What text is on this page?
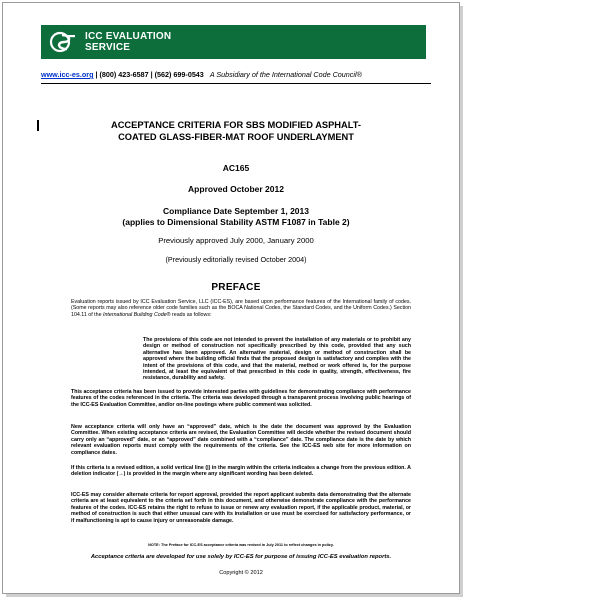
ICC EVALUATION
SERVICE
www.icc-es.org | (800) 423-6587 | (562) 699-0543 A Subsidiary of the International Code Council®
ACCEPTANCE CRITERIA FOR SBS MODIFIED ASPHALT-
COATED GLASS-FIBER-MAT ROOF UNDERLAYMENT
AC165
Approved October 2012
Compliance Date September 1, 2013
(applies to Dimensional Stability ASTM F1087 in Table 2)
Previously approved July 2000, January 2000
(Previously editorially revised October 2004)
PREFACE
Evaluation reports issued by ICC Evaluation Service, LLC (ICC-ES), are based upon performance features of the International family of codes. (Some reports may also reference older code families such as the BOCA National Codes, the Standard Codes, and the Uniform Codes.) Section 104.11 of the International Building Code® reads as follows:
The provisions of this code are not intended to prevent the installation of any materials or to prohibit any design or method of construction not specifically prescribed by this code, provided that any such alternative has been approved. An alternative material, design or method of construction shall be approved where the building official finds that the proposed design is satisfactory and complies with the intent of the provisions of this code, and that the material, method or work offered is, for the purpose intended, at least the equivalent of that prescribed in this code in quality, strength, effectiveness, fire resistance, durability and safety.
This acceptance criteria has been issued to provide interested parties with guidelines for demonstrating compliance with performance features of the codes referenced in the criteria. The criteria was developed through a transparent process involving public hearings of the ICC-ES Evaluation Committee, and/or on-line postings where public comment was solicited.
New acceptance criteria will only have an “approved” date, which is the date the document was approved by the Evaluation Committee. When existing acceptance criteria are revised, the Evaluation Committee will decide whether the revised document should carry only an “approved” date, or an “approved” date combined with a “compliance” date. The compliance date is the date by which relevant evaluation reports must comply with the requirements of the criteria. See the ICC-ES web site for more information on compliance dates.
If this criteria is a revised edition, a solid vertical line (|) in the margin within the criteria indicates a change from the previous edition. A deletion indicator (→) is provided in the margin where any significant wording has been deleted.
ICC-ES may consider alternate criteria for report approval, provided the report applicant submits data demonstrating that the alternate criteria are at least equivalent to the criteria set forth in this document, and otherwise demonstrate compliance with the performance features of the codes. ICC-ES retains the right to refuse to issue or renew any evaluation report, if the applicable product, material, or method of construction is such that either unusual care with its installation or use must be exercised for satisfactory performance, or if malfunctioning is apt to cause injury or unreasonable damage.
NOTE: The Preface for ICC-ES acceptance criteria was revised in July 2011 to reflect changes in policy.
Acceptance criteria are developed for use solely by ICC-ES for purpose of issuing ICC-ES evaluation reports.
Copyright © 2012
